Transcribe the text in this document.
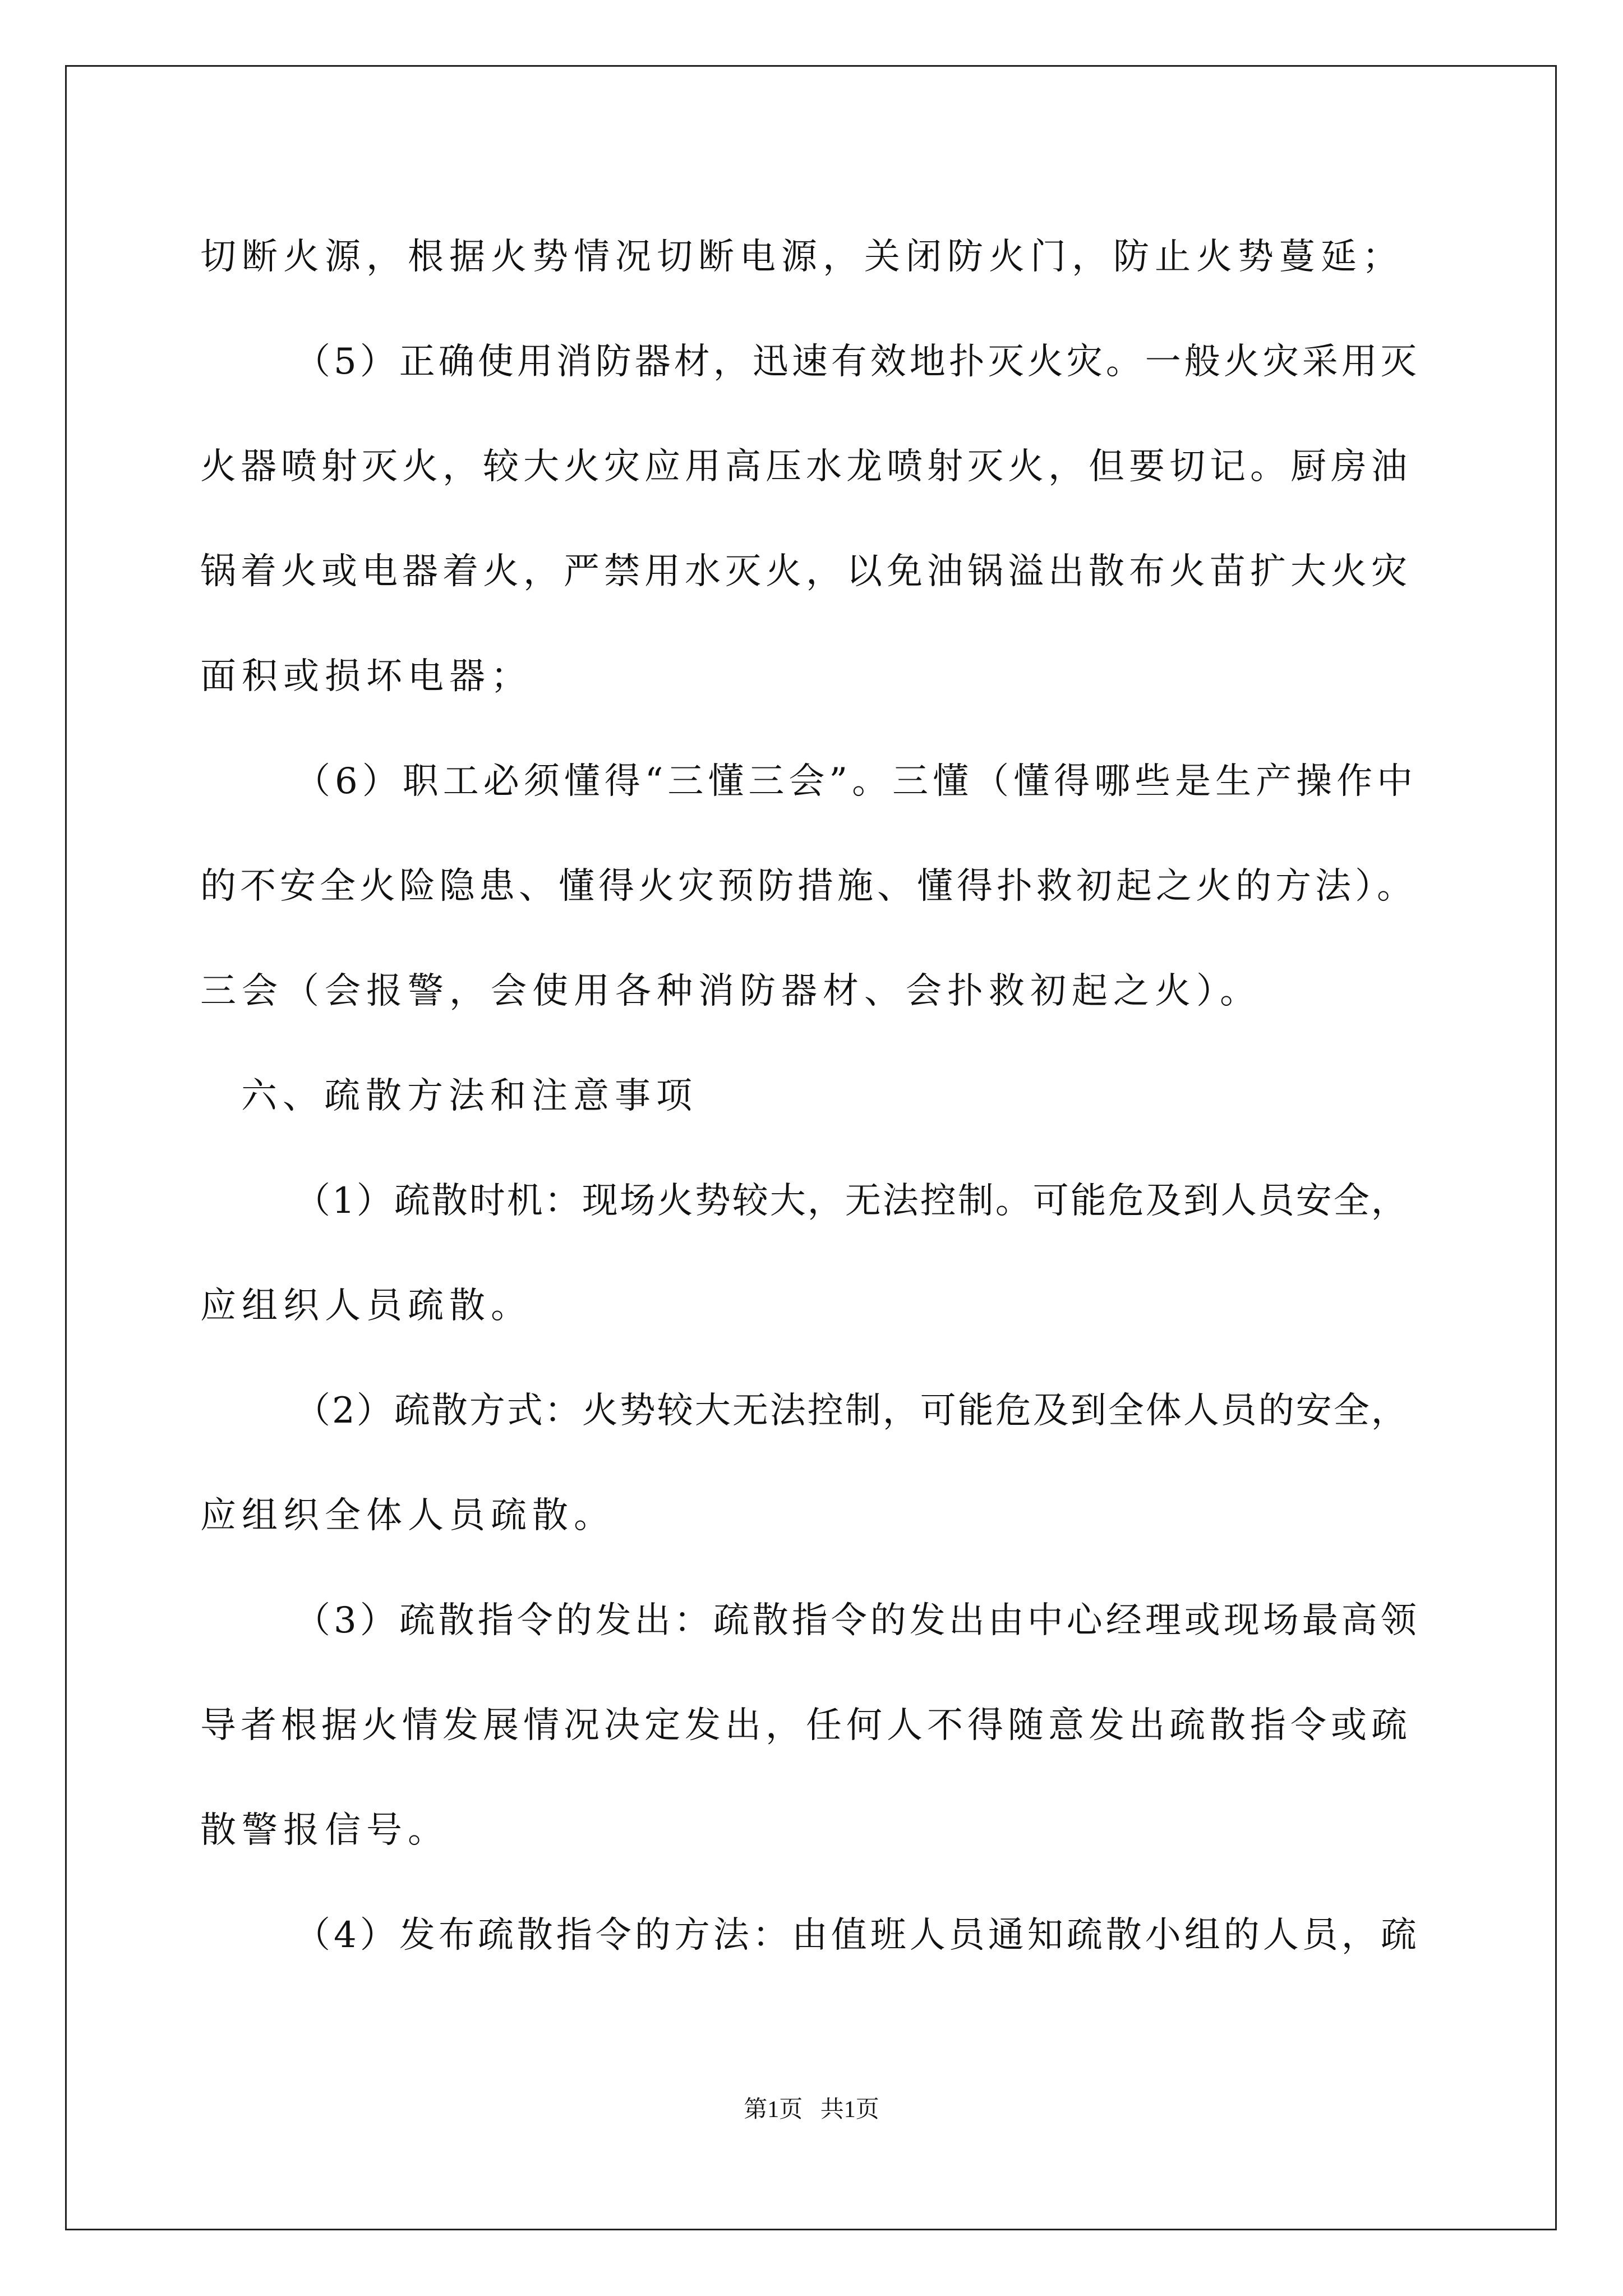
切断火源，根据火势情况切断电源，关闭防火门，防止火势蔓延；
（5）正确使用消防器材，迅速有效地扑灭火灾。一般火灾采用灭
火器喷射灭火，较大火灾应用高压水龙喷射灭火，但要切记。厨房油
锅着火或电器着火，严禁用水灭火，以免油锅溢出散布火苗扩大火灾
面积或损坏电器；
（6）职工必须懂得“三懂三会”。三懂（懂得哪些是生产操作中
的不安全火险隐患、懂得火灾预防措施、懂得扑救初起之火的方法）。
三会（会报警，会使用各种消防器材、会扑救初起之火）。
六、疏散方法和注意事项
（1）疏散时机：现场火势较大，无法控制。可能危及到人员安全，
应组织人员疏散。
（2）疏散方式：火势较大无法控制，可能危及到全体人员的安全，
应组织全体人员疏散。
（3）疏散指令的发出：疏散指令的发出由中心经理或现场最高领
导者根据火情发展情况决定发出，任何人不得随意发出疏散指令或疏
散警报信号。
（4）发布疏散指令的方法：由值班人员通知疏散小组的人员，疏
第1页   共1页
